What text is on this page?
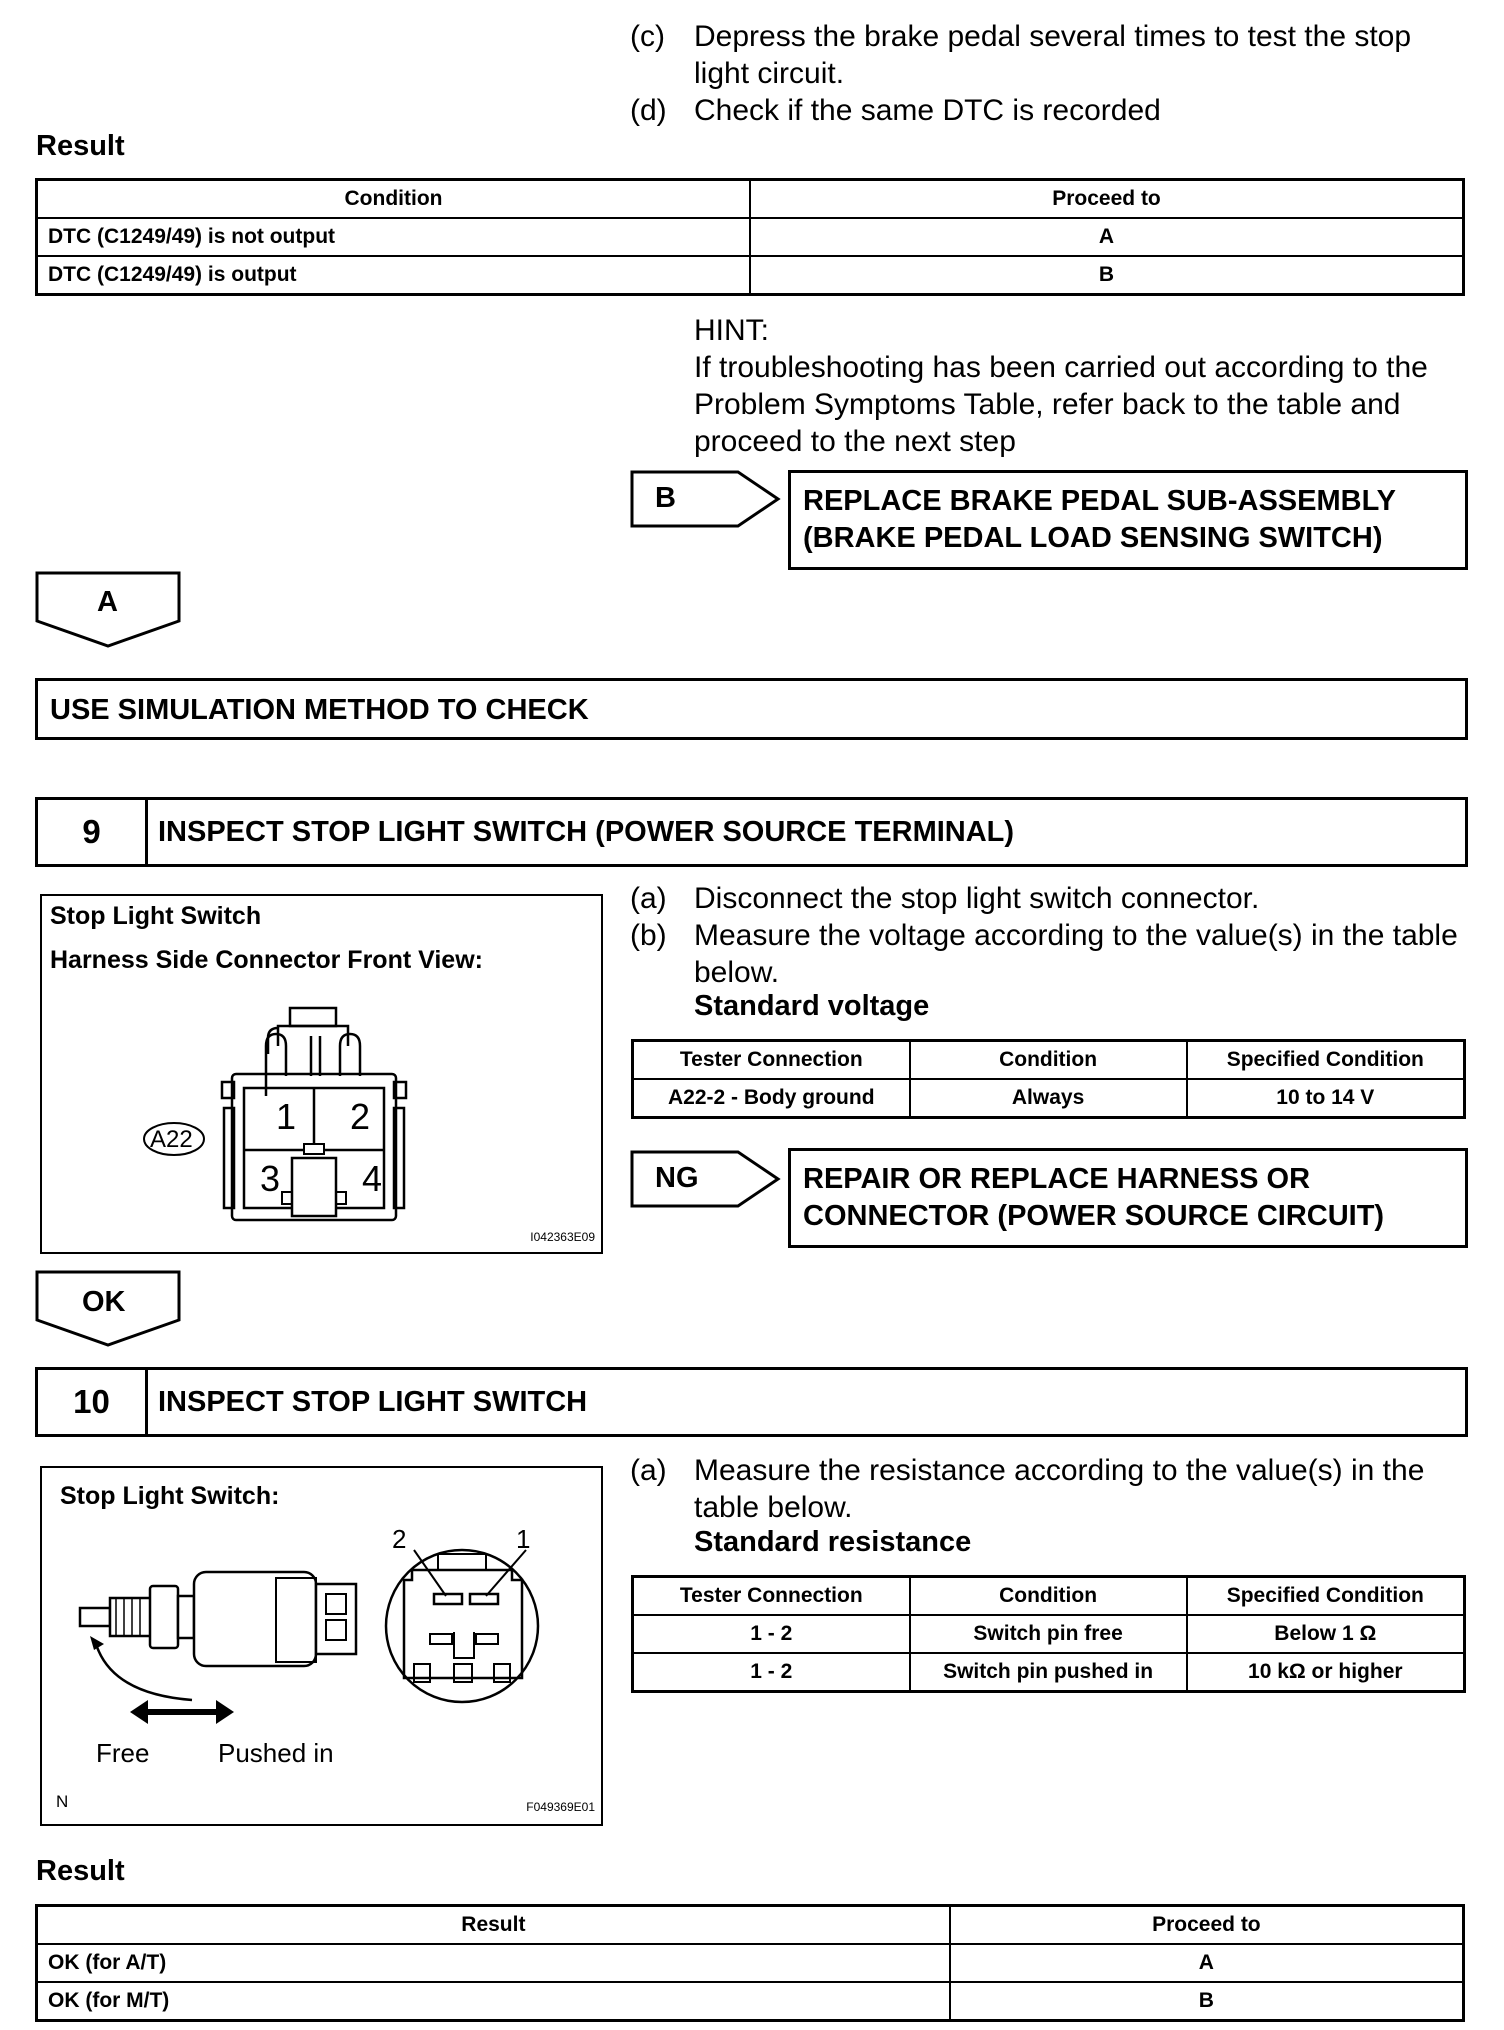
(c) Depress the brake pedal several times to test the stop light circuit.
(d) Check if the same DTC is recorded
Result
Condition	Proceed to
DTC (C1249/49) is not output	A
DTC (C1249/49) is output	B
HINT:
If troubleshooting has been carried out according to the Problem Symptoms Table, refer back to the table and proceed to the next step
B	REPLACE BRAKE PEDAL SUB-ASSEMBLY
(BRAKE PEDAL LOAD SENSING SWITCH)
A
USE SIMULATION METHOD TO CHECK
9	INSPECT STOP LIGHT SWITCH (POWER SOURCE TERMINAL)
Stop Light Switch
Harness Side Connector Front View:
A22
1 2
3 4
I042363E09
(a) Disconnect the stop light switch connector.
(b) Measure the voltage according to the value(s) in the table below.
Standard voltage
Tester Connection	Condition	Specified Condition
A22-2 - Body ground	Always	10 to 14 V
NG	REPAIR OR REPLACE HARNESS OR
CONNECTOR (POWER SOURCE CIRCUIT)
OK
10	INSPECT STOP LIGHT SWITCH
Stop Light Switch:
2	1
Free	Pushed in
N	F049369E01
(a) Measure the resistance according to the value(s) in the table below.
Standard resistance
Tester Connection	Condition	Specified Condition
1 - 2	Switch pin free	Below 1 Ω
1 - 2	Switch pin pushed in	10 kΩ or higher
Result
Result	Proceed to
OK (for A/T)	A
OK (for M/T)	B
